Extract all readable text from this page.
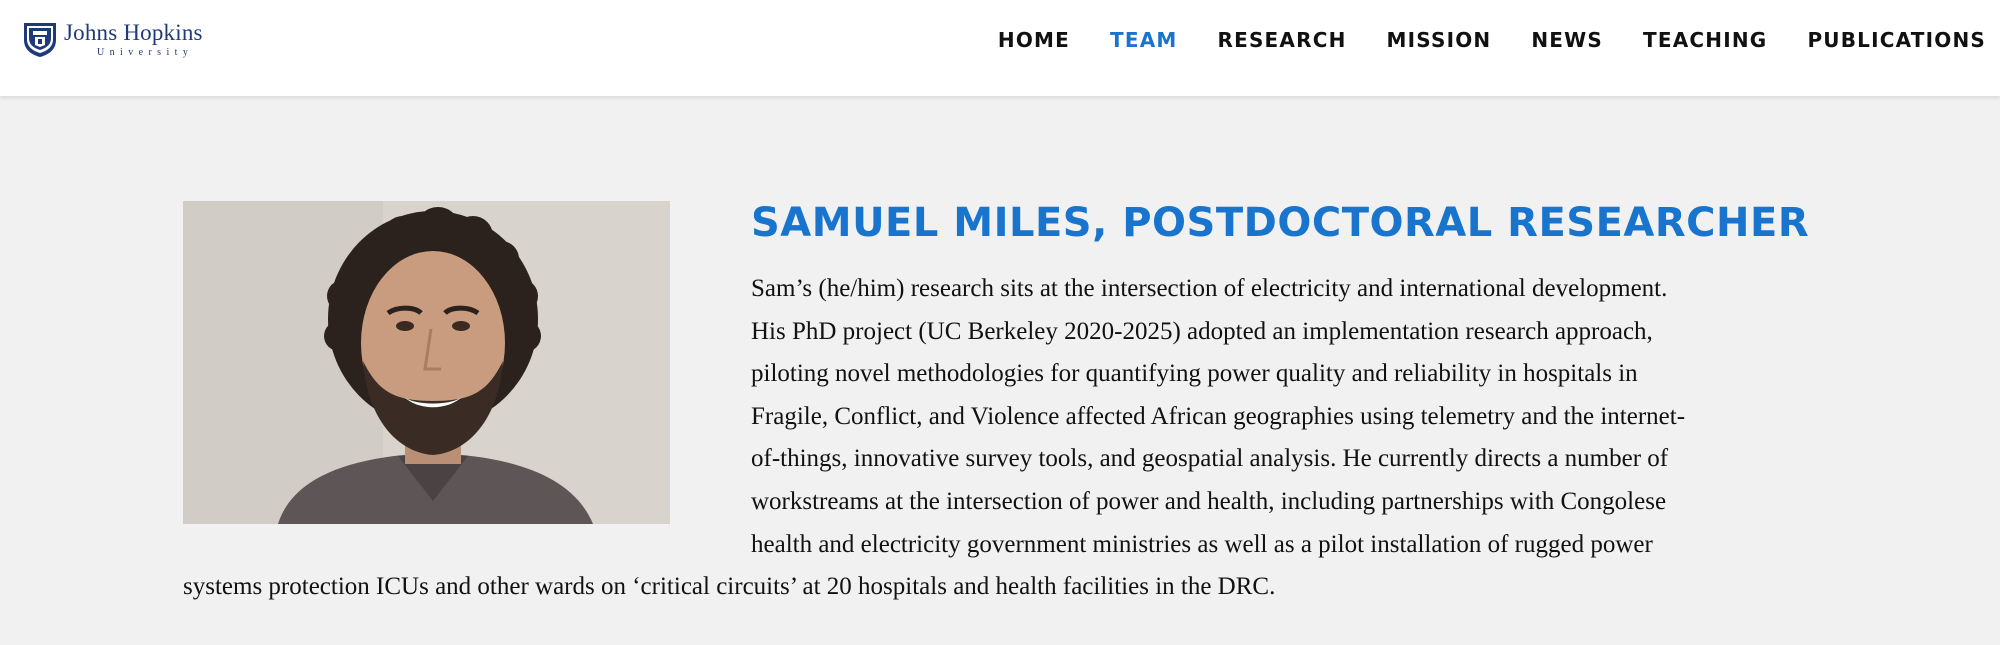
Johns Hopkins
University
HOME TEAM RESEARCH MISSION NEWS TEACHING PUBLICATIONS
SAMUEL MILES, POSTDOCTORAL RESEARCHER
Sam’s (he/him) research sits at the intersection of electricity and international development.
His PhD project (UC Berkeley 2020-2025) adopted an implementation research approach,
piloting novel methodologies for quantifying power quality and reliability in hospitals in
Fragile, Conflict, and Violence affected African geographies using telemetry and the internet-
of-things, innovative survey tools, and geospatial analysis. He currently directs a number of
workstreams at the intersection of power and health, including partnerships with Congolese
health and electricity government ministries as well as a pilot installation of rugged power
systems protection ICUs and other wards on ‘critical circuits’ at 20 hospitals and health facilities in the DRC.
